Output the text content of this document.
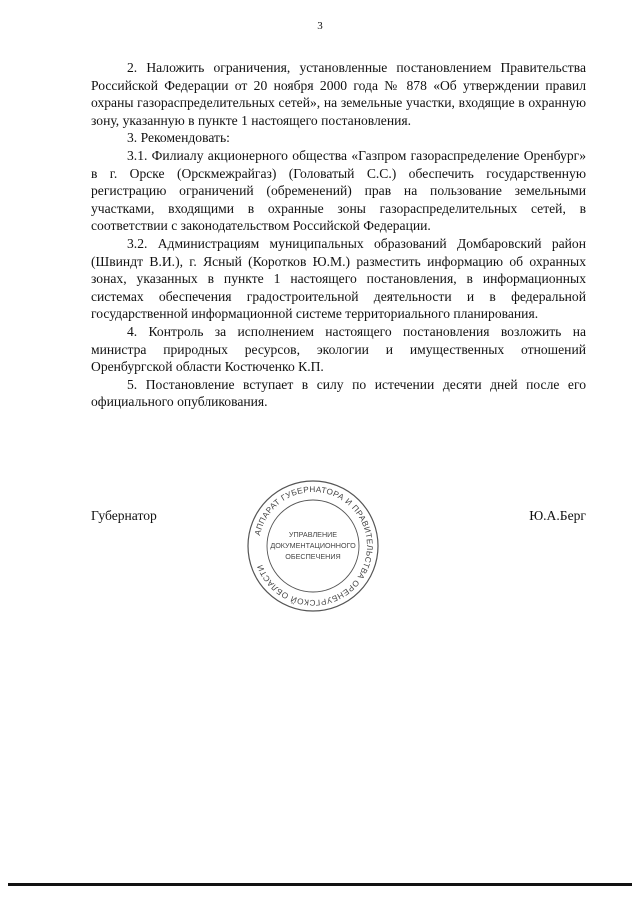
3

2. Наложить ограничения, установленные постановлением Правительства Российской Федерации от 20 ноября 2000 года № 878 «Об утверждении правил охраны газораспределительных сетей», на земельные участки, входящие в охранную зону, указанную в пункте 1 настоящего постановления.

3. Рекомендовать:

3.1. Филиалу акционерного общества «Газпром газораспределение Оренбург» в г. Орске (Орскмежрайгаз) (Головатый С.С.) обеспечить государственную регистрацию ограничений (обременений) прав на пользование земельными участками, входящими в охранные зоны газораспределительных сетей, в соответствии с законодательством Российской Федерации.

3.2. Администрациям муниципальных образований Домбаровский район (Швиндт В.И.), г. Ясный (Коротков Ю.М.) разместить информацию об охранных зонах, указанных в пункте 1 настоящего постановления, в информационных системах обеспечения градостроительной деятельности и в федеральной государственной информационной системе территориального планирования.

4. Контроль за исполнением настоящего постановления возложить на министра природных ресурсов, экологии и имущественных отношений Оренбургской области Костюченко К.П.

5. Постановление вступает в силу по истечении десяти дней после его официального опубликования.

Губернатор	Ю.А.Берг
АППАРАТ ГУБЕРНАТОРА И ПРАВИТЕЛЬСТВА ОРЕНБУРГСКОЙ ОБЛАСТИ
УПРАВЛЕНИЕ
ДОКУМЕНТАЦИОННОГО
ОБЕСПЕЧЕНИЯ
